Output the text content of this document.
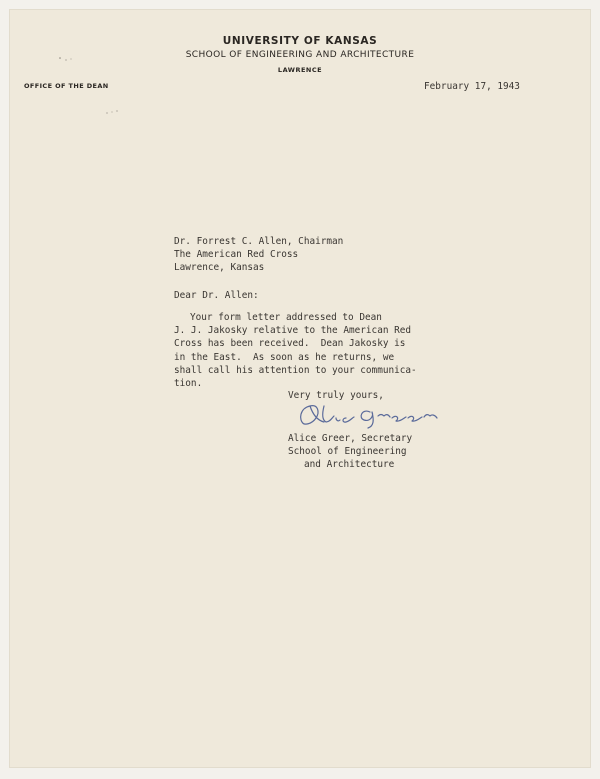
UNIVERSITY OF KANSAS
SCHOOL OF ENGINEERING AND ARCHITECTURE
LAWRENCE
OFFICE OF THE DEAN	February 17, 1943
Dr. Forrest C. Allen, Chairman
The American Red Cross
Lawrence, Kansas
Dear Dr. Allen:
Your form letter addressed to Dean
J. J. Jakosky relative to the American Red
Cross has been received.  Dean Jakosky is
in the East.  As soon as he returns, we
shall call his attention to your communica-
tion.
Very truly yours,
Alice Greer, Secretary
School of Engineering
and Architecture
